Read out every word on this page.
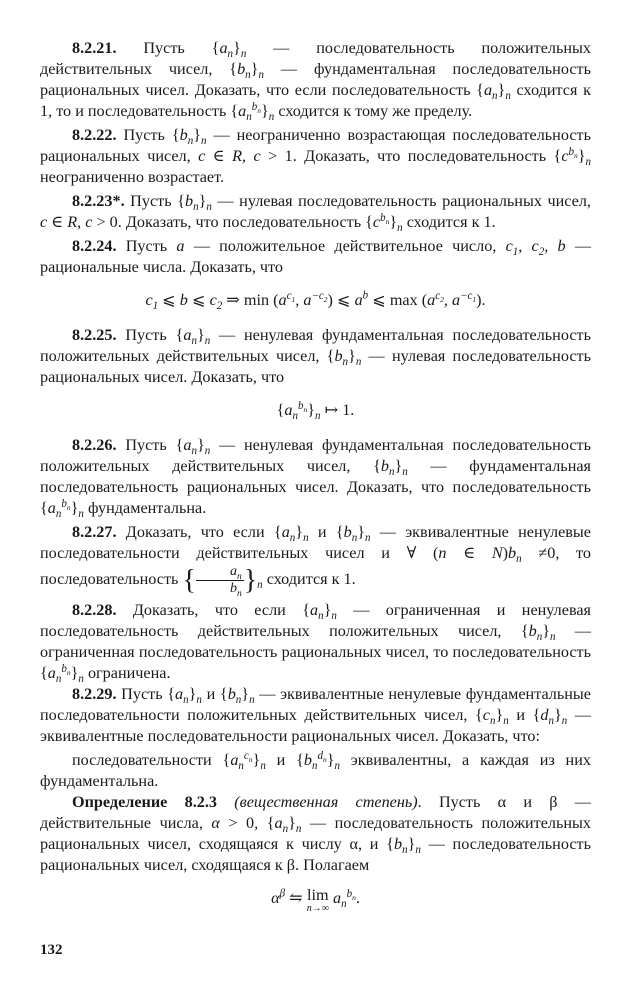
8.2.21. Пусть $\{a_n\}_n$ — последовательность положительных действительных чисел, $\{b_n\}_n$ — фундаментальная последовательность рациональных чисел. Доказать, что если последовательность $\{a_n\}_n$ сходится к 1, то и последовательность $\{a_n^{b_n}\}_n$ сходится к тому же пределу.

8.2.22. Пусть $\{b_n\}_n$ — неограниченно возрастающая последовательность рациональных чисел, c ∈ R, c > 1. Доказать, что последовательность $\{c^{b_n}\}_n$ неограниченно возрастает.

8.2.23*. Пусть $\{b_n\}_n$ — нулевая последовательность рациональных чисел, c ∈ R, c > 0. Доказать, что последовательность $\{c^{b_n}\}_n$ сходится к 1.

8.2.24. Пусть a — положительное действительное число, $c_1$, $c_2$, b — рациональные числа. Доказать, что

$c_1$ ⩽ b ⩽ $c_2$ ⇒ $\min (a^{c_1}$, $a^{-c_2}$) ⩽ $a^b$ ⩽ $\max (a^{c_2}$, $a^{-c_1}$).

8.2.25. Пусть $\{a_n\}_n$ — ненулевая фундаментальная последовательность положительных действительных чисел, $\{b_n\}_n$ — нулевая последовательность рациональных чисел. Доказать, что

$\{a_n^{b_n}\}_n$ ↦ 1.

8.2.26. Пусть $\{a_n\}_n$ — ненулевая фундаментальная последовательность положительных действительных чисел, $\{b_n\}_n$ — фундаментальная последовательность рациональных чисел. Доказать, что последовательность $\{a_n^{b_n}\}_n$ фундаментальна.

8.2.27. Доказать, что если $\{a_n\}_n$ и $\{b_n\}_n$ — эквивалентные ненулевые последовательности действительных чисел и ∀ (n ∈ $N)b_n \ne 0$, то последовательность { $\frac{a_n}{b_n} \}_n$ сходится к 1.

8.2.28. Доказать, что если $\{a_n\}_n$ — ограниченная и ненулевая последовательность действительных положительных чисел, $\{b_n\}_n$ — ограниченная последовательность рациональных чисел, то последовательность $\{a_n^{b_n}\}_n$ ограничена.

8.2.29. Пусть $\{a_n\}_n$ и $\{b_n\}_n$ — эквивалентные ненулевые фундаментальные последовательности положительных действительных чисел, $\{c_n\}_n$ и $\{d_n\}_n$ — эквивалентные последовательности рациональных чисел. Доказать, что:

последовательности $\{a_n^{c_n}\}_n$ и $\{b_n^{d_n}\}_n$ эквивалентны, а каждая из них фундаментальна.

Определение 8.2.3 (вещественная степень). Пусть α и β — действительные числа, α > 0, $\{a_n\}_n$ — последовательность положительных рациональных чисел, сходящаяся к числу α, и $\{b_n\}_n$ — последовательность рациональных чисел, сходящаяся к β. Полагаем

$\alpha^\beta$ ⇋ lim
n→∞
$a_n^{b_n}$.
132
